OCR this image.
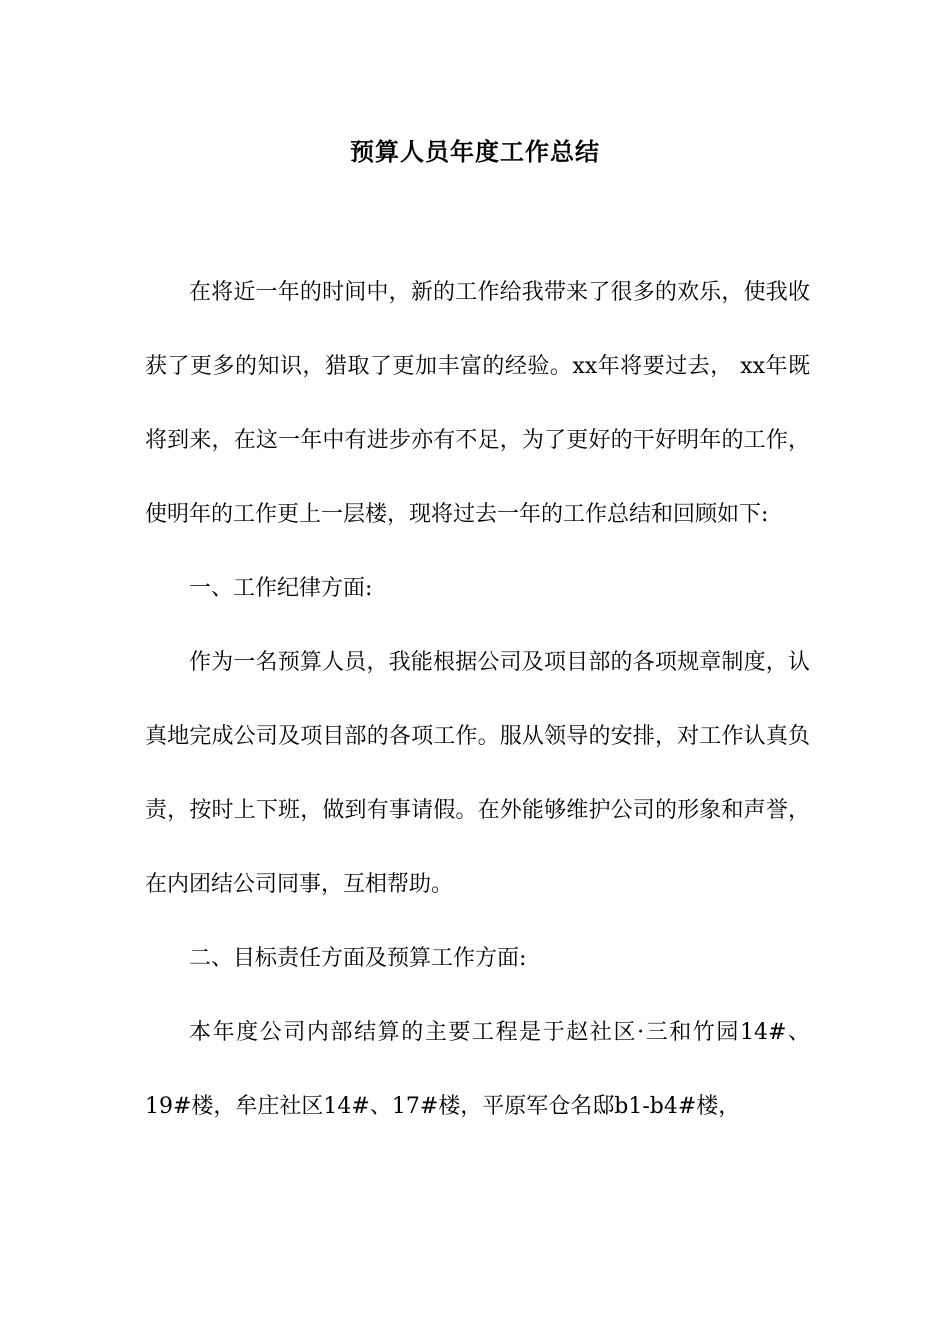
预算人员年度工作总结

在将近一年的时间中，新的工作给我带来了很多的欢乐，使我收获了更多的知识，猎取了更加丰富的经验。xx年将要过去， xx年既将到来，在这一年中有进步亦有不足，为了更好的干好明年的工作，使明年的工作更上一层楼，现将过去一年的工作总结和回顾如下:

一、工作纪律方面:

作为一名预算人员，我能根据公司及项目部的各项规章制度，认真地完成公司及项目部的各项工作。服从领导的安排，对工作认真负责，按时上下班，做到有事请假。在外能够维护公司的形象和声誉，在内团结公司同事，互相帮助。

二、目标责任方面及预算工作方面:

本年度公司内部结算的主要工程是于赵社区·三和竹园14#、19#楼，牟庄社区14#、17#楼，平原军仓名邸b1-b4#楼，
